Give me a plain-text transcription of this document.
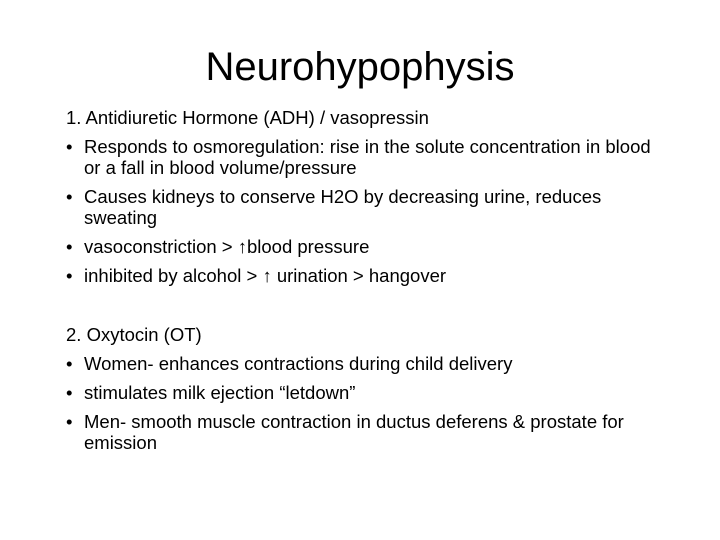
Neurohypophysis

1. Antidiuretic Hormone (ADH) / vasopressin

• Responds to osmoregulation: rise in the solute concentration in blood or a fall in blood volume/pressure
• Causes kidneys to conserve H2O by decreasing urine, reduces sweating
• vasoconstriction > ↑blood pressure
• inhibited by alcohol > ↑ urination > hangover

2. Oxytocin (OT)

• Women- enhances contractions during child delivery
• stimulates milk ejection “letdown”
• Men- smooth muscle contraction in ductus deferens & prostate for emission
